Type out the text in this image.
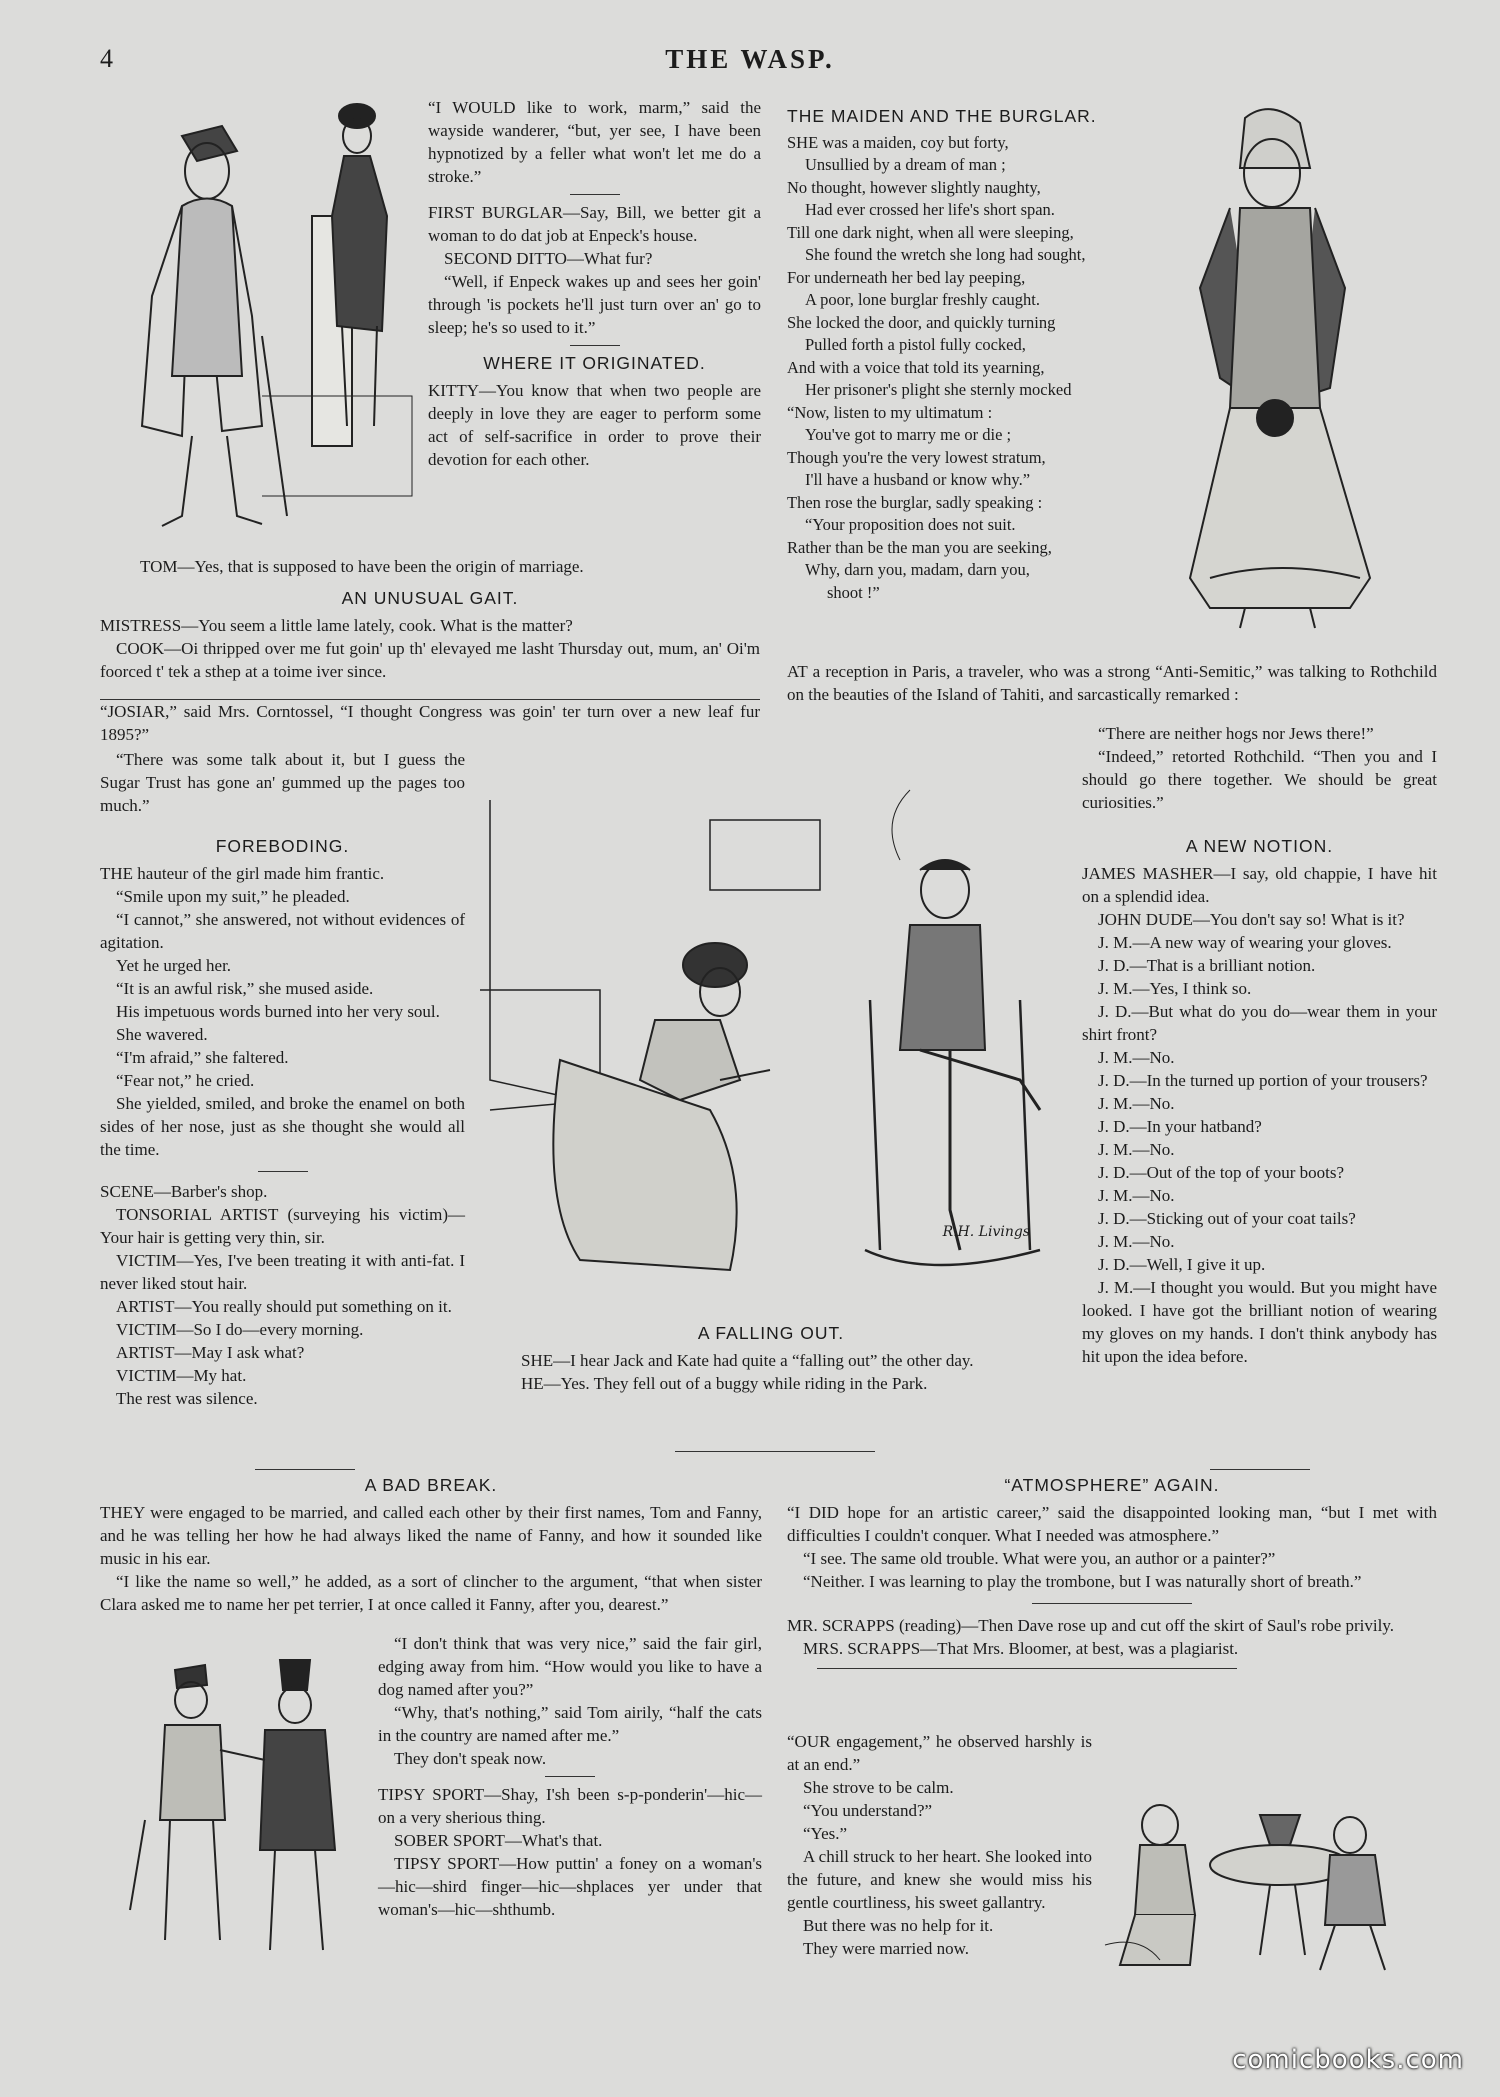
4	THE WASP.

“I WOULD like to work, marm,” said the wayside wanderer, “but, yer see, I have been hypnotized by a feller what won't let me do a stroke.”

FIRST BURGLAR—Say, Bill, we better git a woman to do dat job at Enpeck's house.

SECOND DITTO—What fur?

“Well, if Enpeck wakes up and sees her goin' through 'is pockets he'll just turn over an' go to sleep; he's so used to it.”

WHERE IT ORIGINATED.

KITTY—You know that when two people are deeply in love they are eager to perform some act of self-sacrifice in order to prove their devotion for each other.

TOM—Yes, that is supposed to have been the origin of marriage.

AN UNUSUAL GAIT.

MISTRESS—You seem a little lame lately, cook. What is the matter?

COOK—Oi thripped over me fut goin' up th' elevayed me lasht Thursday out, mum, an' Oi'm foorced t' tek a sthep at a toime iver since.

“JOSIAR,” said Mrs. Corntossel, “I thought Congress was goin' ter turn over a new leaf fur 1895?”

“There was some talk about it, but I guess the Sugar Trust has gone an' gummed up the pages too much.”

FOREBODING.

THE hauteur of the girl made him frantic.

“Smile upon my suit,” he pleaded.

“I cannot,” she answered, not without evidences of agitation.

Yet he urged her.

“It is an awful risk,” she mused aside.

His impetuous words burned into her very soul.

She wavered.

“I'm afraid,” she faltered.

“Fear not,” he cried.

She yielded, smiled, and broke the enamel on both sides of her nose, just as she thought she would all the time.

SCENE—Barber's shop.

TONSORIAL ARTIST (surveying his victim)—Your hair is getting very thin, sir.

VICTIM—Yes, I've been treating it with anti-fat. I never liked stout hair.

ARTIST—You really should put something on it.

VICTIM—So I do—every morning.

ARTIST—May I ask what?

VICTIM—My hat.

The rest was silence.

THE MAIDEN AND THE BURGLAR.

SHE was a maiden, coy but forty,

Unsullied by a dream of man ;

No thought, however slightly naughty,

Had ever crossed her life's short span.

Till one dark night, when all were sleeping,

She found the wretch she long had sought,

For underneath her bed lay peeping,

A poor, lone burglar freshly caught.

She locked the door, and quickly turning

Pulled forth a pistol fully cocked,

And with a voice that told its yearning,

Her prisoner's plight she sternly mocked

“Now, listen to my ultimatum :

You've got to marry me or die ;

Though you're the very lowest stratum,

I'll have a husband or know why.”

Then rose the burglar, sadly speaking :

“Your proposition does not suit.

Rather than be the man you are seeking,

Why, darn you, madam, darn you,

shoot !”

AT a reception in Paris, a traveler, who was a strong “Anti-Semitic,” was talking to Rothchild on the beauties of the Island of Tahiti, and sarcastically remarked :

“There are neither hogs nor Jews there!”

“Indeed,” retorted Rothchild. “Then you and I should go there together. We should be great curiosities.”

A NEW NOTION.

JAMES MASHER—I say, old chappie, I have hit on a splendid idea.

JOHN DUDE—You don't say so! What is it?

J. M.—A new way of wearing your gloves.

J. D.—That is a brilliant notion.

J. M.—Yes, I think so.

J. D.—But what do you do—wear them in your shirt front?

J. M.—No.

J. D.—In the turned up portion of your trousers?

J. M.—No.

J. D.—In your hatband?

J. M.—No.

J. D.—Out of the top of your boots?

J. M.—No.

J. D.—Sticking out of your coat tails?

J. M.—No.

J. D.—Well, I give it up.

J. M.—I thought you would. But you might have looked. I have got the brilliant notion of wearing my gloves on my hands. I don't think anybody has hit upon the idea before.

R.H. Livings
A FALLING OUT.

SHE—I hear Jack and Kate had quite a “falling out” the other day.

HE—Yes. They fell out of a buggy while riding in the Park.

A BAD BREAK.

THEY were engaged to be married, and called each other by their first names, Tom and Fanny, and he was telling her how he had always liked the name of Fanny, and how it sounded like music in his ear.

“I like the name so well,” he added, as a sort of clincher to the argument, “that when sister Clara asked me to name her pet terrier, I at once called it Fanny, after you, dearest.”

“I don't think that was very nice,” said the fair girl, edging away from him. “How would you like to have a dog named after you?”

“Why, that's nothing,” said Tom airily, “half the cats in the country are named after me.”

They don't speak now.

TIPSY SPORT—Shay, I'sh been s-p-ponderin'—hic—on a very sherious thing.

SOBER SPORT—What's that.

TIPSY SPORT—How puttin' a foney on a woman's—hic—shird finger—hic—shplaces yer under that woman's—hic—shthumb.

“ATMOSPHERE” AGAIN.

“I DID hope for an artistic career,” said the disappointed looking man, “but I met with difficulties I couldn't conquer. What I needed was atmosphere.”

“I see. The same old trouble. What were you, an author or a painter?”

“Neither. I was learning to play the trombone, but I was naturally short of breath.”

MR. SCRAPPS (reading)—Then Dave rose up and cut off the skirt of Saul's robe privily.

MRS. SCRAPPS—That Mrs. Bloomer, at best, was a plagiarist.

“OUR engagement,” he observed harshly is at an end.”

She strove to be calm.

“You understand?”

“Yes.”

A chill struck to her heart. She looked into the future, and knew she would miss his gentle courtliness, his sweet gallantry.

But there was no help for it.

They were married now.

comicbooks.com
